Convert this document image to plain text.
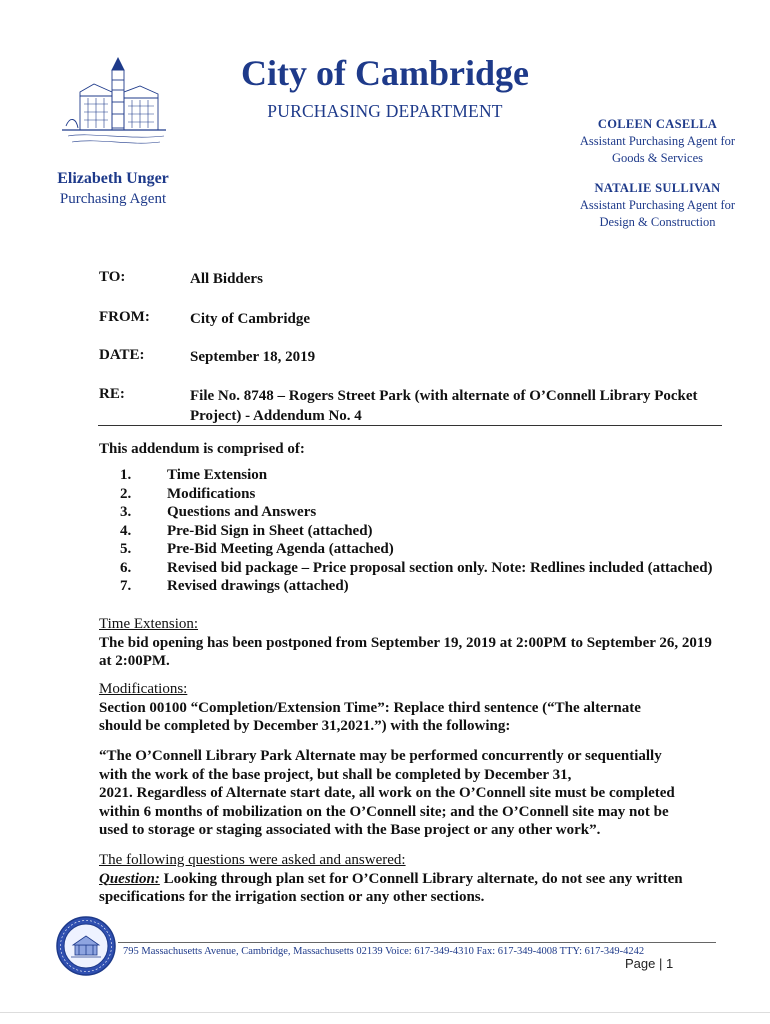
City of Cambridge
PURCHASING DEPARTMENT
COLEEN CASELLA
Assistant Purchasing Agent for
Goods & Services
NATALIE SULLIVAN
Assistant Purchasing Agent for
Design & Construction
Elizabeth Unger
Purchasing Agent
TO:	All Bidders
FROM:	City of Cambridge
DATE:	September 18, 2019
RE:	File No. 8748 – Rogers Street Park (with alternate of O’Connell Library Pocket
Project) - Addendum No. 4
This addendum is comprised of:
1. Time Extension
2. Modifications
3. Questions and Answers
4. Pre-Bid Sign in Sheet (attached)
5. Pre-Bid Meeting Agenda (attached)
6. Revised bid package – Price proposal section only. Note: Redlines included (attached)
7. Revised drawings (attached)
Time Extension:
The bid opening has been postponed from September 19, 2019 at 2:00PM to September 26, 2019
at 2:00PM.
Modifications:
Section 00100 “Completion/Extension Time”: Replace third sentence (“The alternate
should be completed by December 31,2021.”) with the following:
“The O’Connell Library Park Alternate may be performed concurrently or sequentially
with the work of the base project, but shall be completed by December 31,
2021. Regardless of Alternate start date, all work on the O’Connell site must be completed
within 6 months of mobilization on the O’Connell site; and the O’Connell site may not be
used to storage or staging associated with the Base project or any other work”.
The following questions were asked and answered:
Question: Looking through plan set for O’Connell Library alternate, do not see any written
specifications for the irrigation section or any other sections.
795 Massachusetts Avenue, Cambridge, Massachusetts 02139 Voice: 617-349-4310 Fax: 617-349-4008 TTY: 617-349-4242
Page | 1
